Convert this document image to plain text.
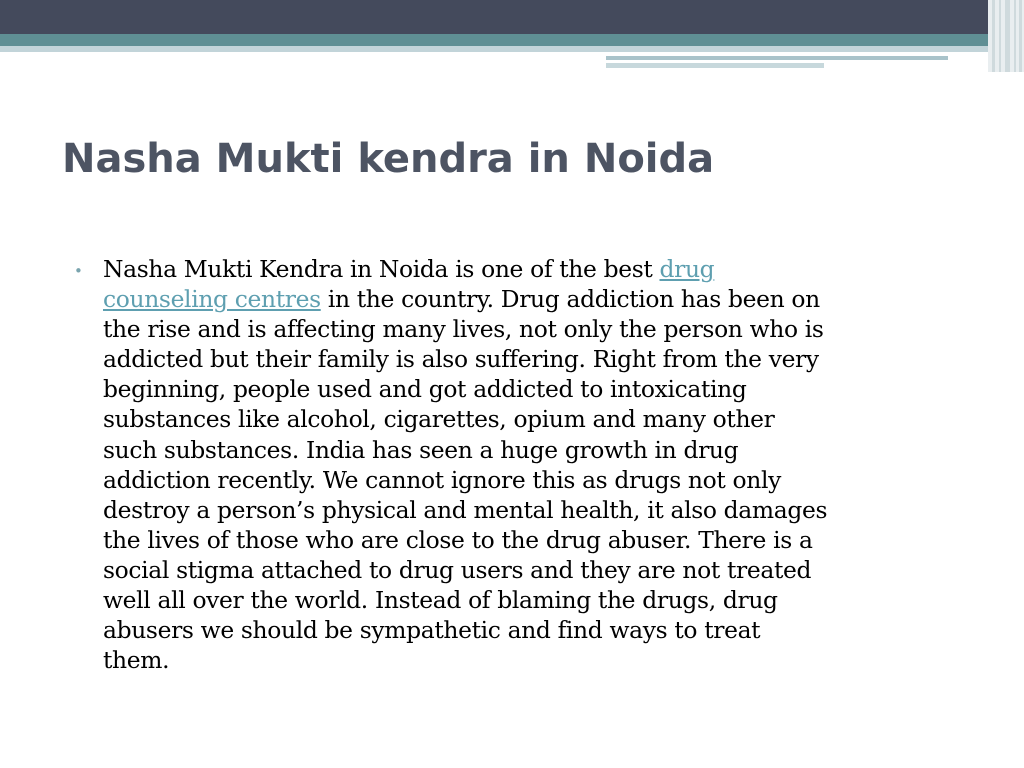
Nasha Mukti kendra in Noida
• Nasha Mukti Kendra in Noida is one of the best drug
counseling centres in the country. Drug addiction has been on
the rise and is affecting many lives, not only the person who is
addicted but their family is also suffering. Right from the very
beginning, people used and got addicted to intoxicating
substances like alcohol, cigarettes, opium and many other
such substances. India has seen a huge growth in drug
addiction recently. We cannot ignore this as drugs not only
destroy a person’s physical and mental health, it also damages
the lives of those who are close to the drug abuser. There is a
social stigma attached to drug users and they are not treated
well all over the world. Instead of blaming the drugs, drug
abusers we should be sympathetic and find ways to treat
them.
